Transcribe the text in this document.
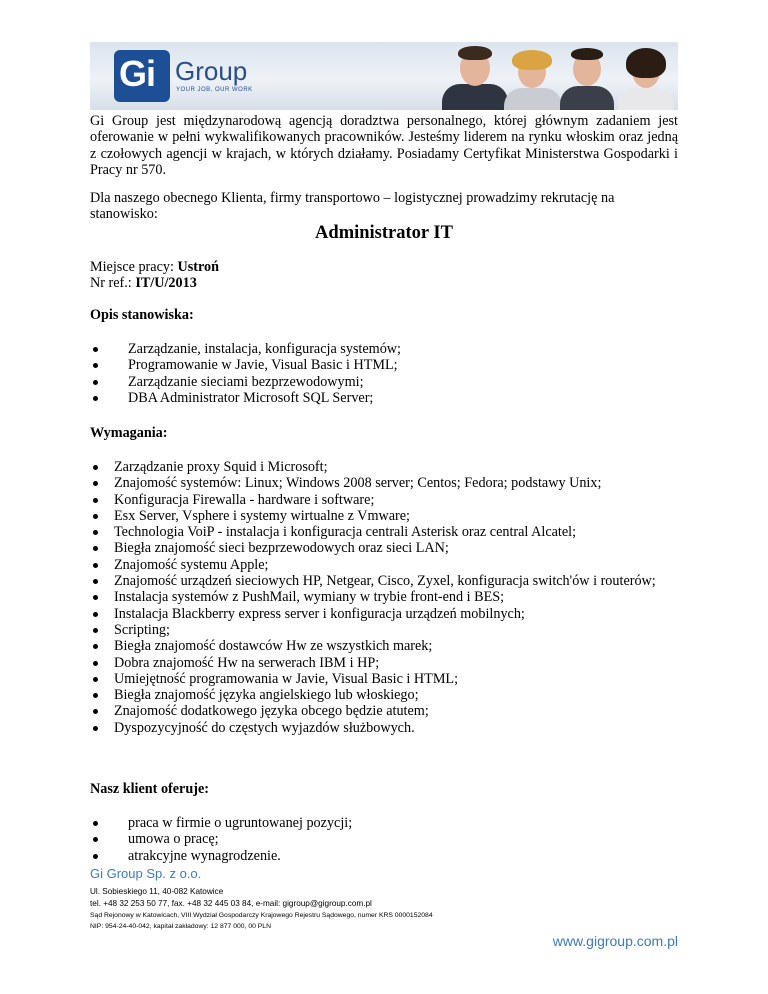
Gi Group
YOUR JOB, OUR WORK
Gi Group jest międzynarodową agencją doradztwa personalnego, której głównym zadaniem jest oferowanie w pełni wykwalifikowanych pracowników. Jesteśmy liderem na rynku włoskim oraz jedną z czołowych agencji w krajach, w których działamy. Posiadamy Certyfikat Ministerstwa Gospodarki i Pracy nr 570.
Dla naszego obecnego Klienta, firmy transportowo – logistycznej prowadzimy rekrutację na stanowisko:
Administrator IT
Miejsce pracy: Ustroń
Nr ref.: IT/U/2013
Opis stanowiska:
Zarządzanie, instalacja, konfiguracja systemów;
Programowanie w Javie, Visual Basic i HTML;
Zarządzanie sieciami bezprzewodowymi;
DBA Administrator Microsoft SQL Server;
Wymagania:
Zarządzanie proxy Squid i Microsoft;
Znajomość systemów: Linux; Windows 2008 server; Centos; Fedora; podstawy Unix;
Konfiguracja Firewalla - hardware i software;
Esx Server, Vsphere i systemy wirtualne z Vmware;
Technologia VoiP - instalacja i konfiguracja centrali Asterisk oraz central Alcatel;
Biegła znajomość sieci bezprzewodowych oraz sieci LAN;
Znajomość systemu Apple;
Znajomość urządzeń sieciowych HP, Netgear, Cisco, Zyxel, konfiguracja switch'ów i routerów;
Instalacja systemów z PushMail, wymiany w trybie front-end i BES;
Instalacja Blackberry express server i konfiguracja urządzeń mobilnych;
Scripting;
Biegła znajomość dostawców Hw ze wszystkich marek;
Dobra znajomość Hw na serwerach IBM i HP;
Umiejętność programowania w Javie, Visual Basic i HTML;
Biegła znajomość języka angielskiego lub włoskiego;
Znajomość dodatkowego języka obcego będzie atutem;
Dyspozycyjność do częstych wyjazdów służbowych.
Nasz klient oferuje:
praca w firmie o ugruntowanej pozycji;
umowa o pracę;
atrakcyjne wynagrodzenie.
Gi Group Sp. z o.o.
Ul. Sobieskiego 11, 40-082 Katowice
tel. +48 32 253 50 77, fax. +48 32 445 03 84, e-mail: gigroup@gigroup.com.pl
Sąd Rejonowy w Katowicach, VIII Wydział Gospodarczy Krajowego Rejestru Sądowego, numer KRS 0000152084
NIP: 954-24-40-042, kapitał zakładowy: 12 877 000, 00 PLN
www.gigroup.com.pl
